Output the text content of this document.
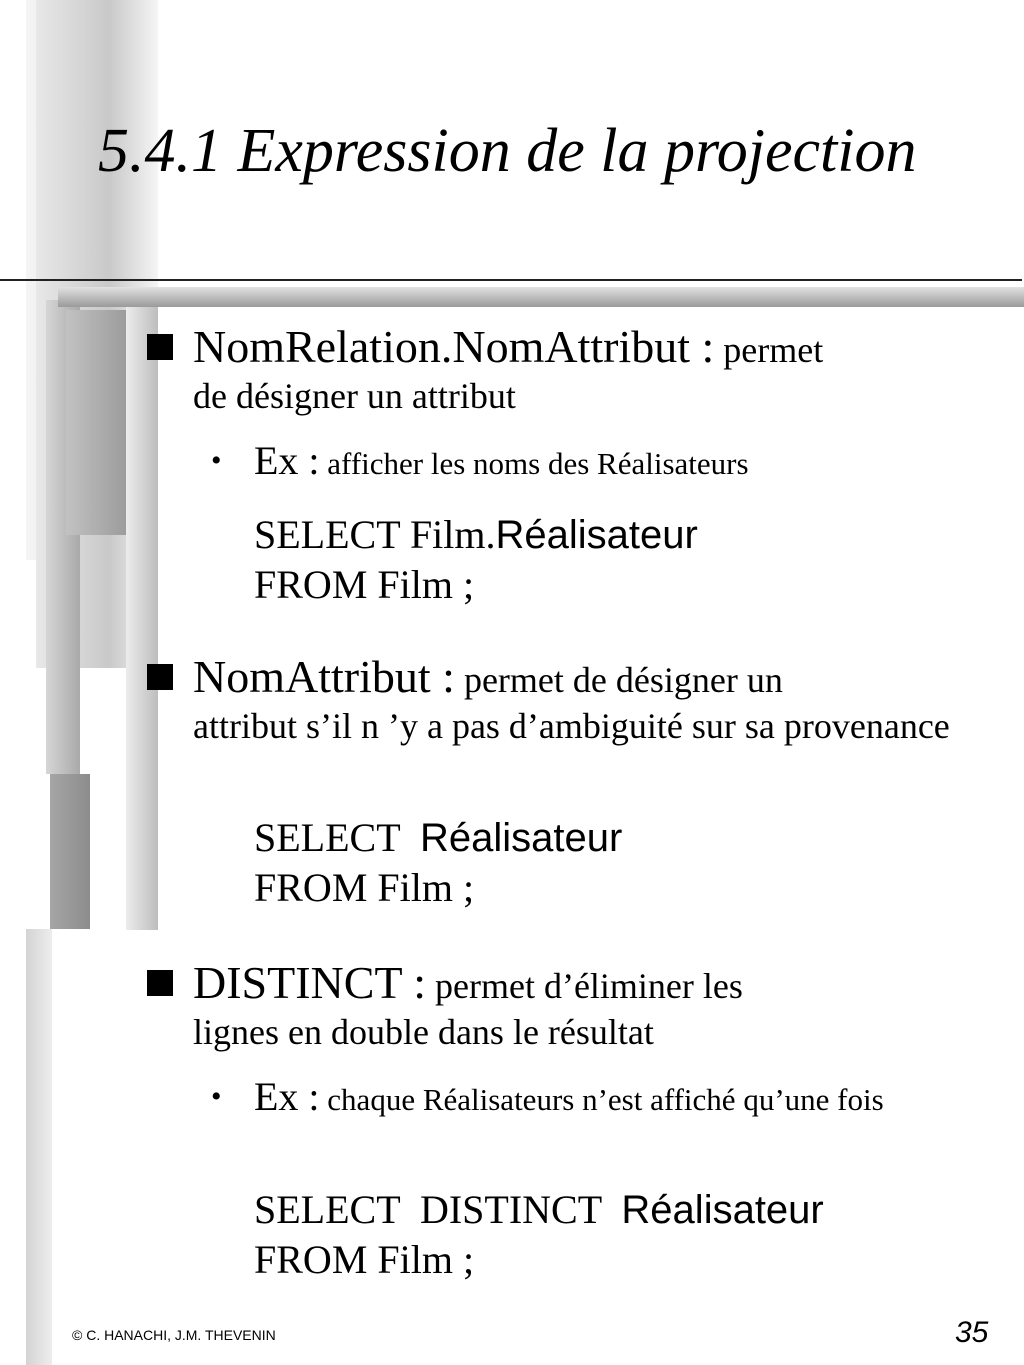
5.4.1 Expression de la projection
NomRelation.NomAttribut : permet
de désigner un attribut
• Ex : afficher les noms des Réalisateurs
SELECT Film.Réalisateur
FROM Film ;
NomAttribut : permet de désigner un
attribut s’il n ’y a pas d’ambiguité sur sa provenance
SELECT  Réalisateur
FROM Film ;
DISTINCT : permet d’éliminer les
lignes en double dans le résultat
• Ex : chaque Réalisateurs n’est affiché qu’une fois
SELECT  DISTINCT  Réalisateur
FROM Film ;
© C. HANACHI, J.M. THEVENIN	35
